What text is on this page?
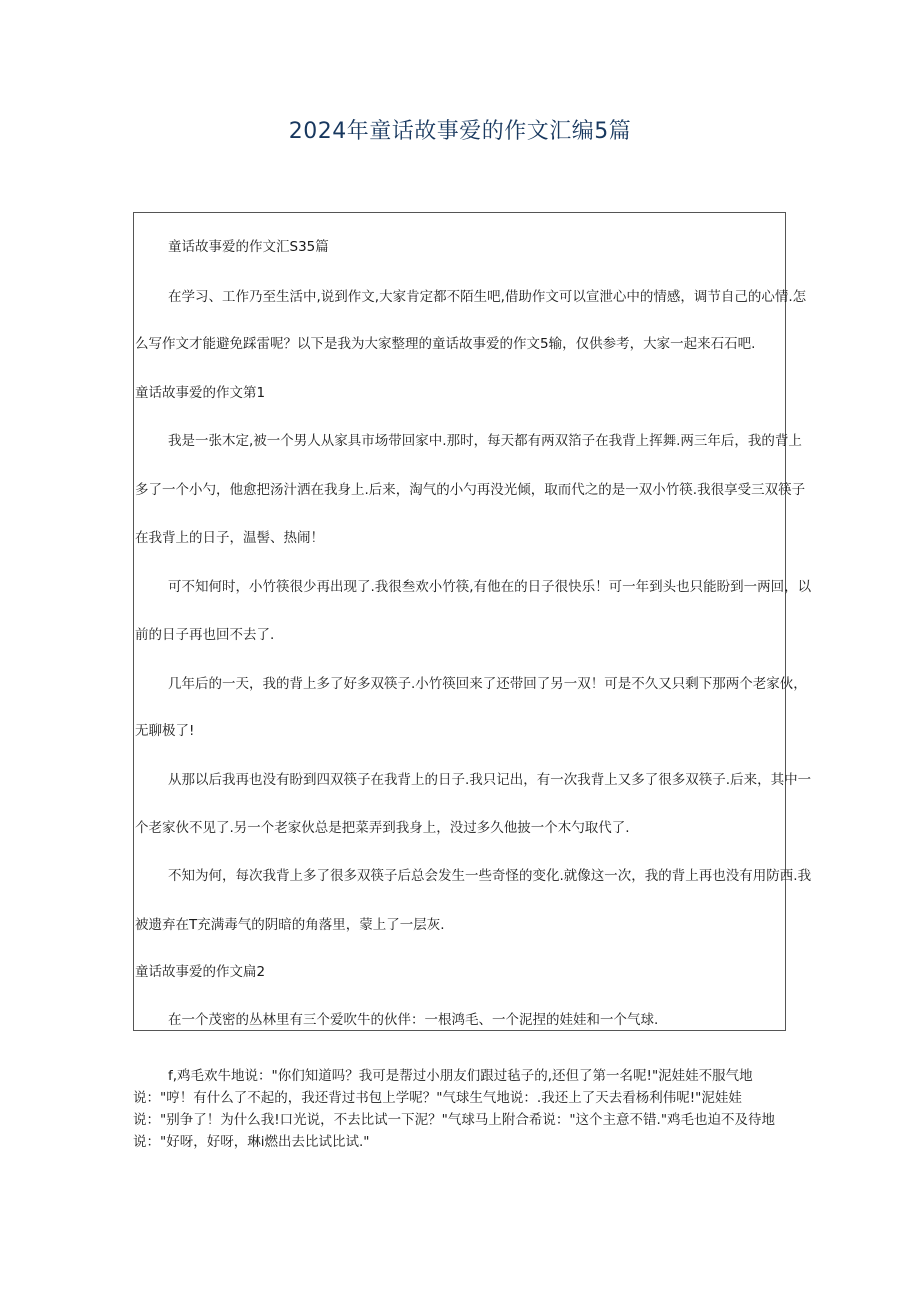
2024年童话故事爱的作文汇编5篇
童话故事爱的作文汇S35篇
在学习、工作乃至生活中,说到作文,大家肯定都不陌生吧,借助作文可以宣泄心中的情感，调节自己的心情.怎
么写作文才能避免踩雷呢？以下是我为大家整理的童话故事爱的作文5输，仅供参考，大家一起来石石吧.
童话故事爱的作文第1
我是一张木定,被一个男人从家具市场带回家中.那时，每天都有两双箔子在我背上挥舞.两三年后，我的背上
多了一个小勺，他愈把汤汁洒在我身上.后来，淘气的小勺再没光倾，取而代之的是一双小竹筷.我很享受三双筷子
在我背上的日子，温髻、热闹！
可不知何时，小竹筷很少再出现了.我很叁欢小竹筷,有他在的日子很快乐！可一年到头也只能盼到一两回，以
前的日子再也回不去了.
几年后的一天，我的背上多了好多双筷子.小竹筷回来了还带回了另一双！可是不久又只剩下那两个老家伙，
无聊极了!
从那以后我再也没有盼到四双筷子在我背上的日子.我只记出，有一次我背上又多了很多双筷子.后来，其中一
个老家伙不见了.另一个老家伙总是把菜弄到我身上，没过多久他披一个木勺取代了.
不知为何，每次我背上多了很多双筷子后总会发生一些奇怪的变化.就像这一次，我的背上再也没有用防西.我
被遗弃在T充满毒气的阴暗的角落里，蒙上了一层灰.
童话故事爱的作文扁2
在一个茂密的丛林里有三个爱吹牛的伙伴：一根鸿毛、一个泥捏的娃娃和一个气球.
f,鸡毛欢牛地说："你们知道吗？我可是帮过小朋友们跟过毡子的,还但了第一名呢!"泥娃娃不服气地说："哼！有什么了不起的，我还背过书包上学呢？"气球生气地说：.我还上了天去看杨利伟呢!"泥娃娃说："别争了！为什么我!口光说，不去比试一下泥？"气球马上附合希说："这个主意不错."鸡毛也迫不及待地说："好呀，好呀，琳i燃出去比试比试."
